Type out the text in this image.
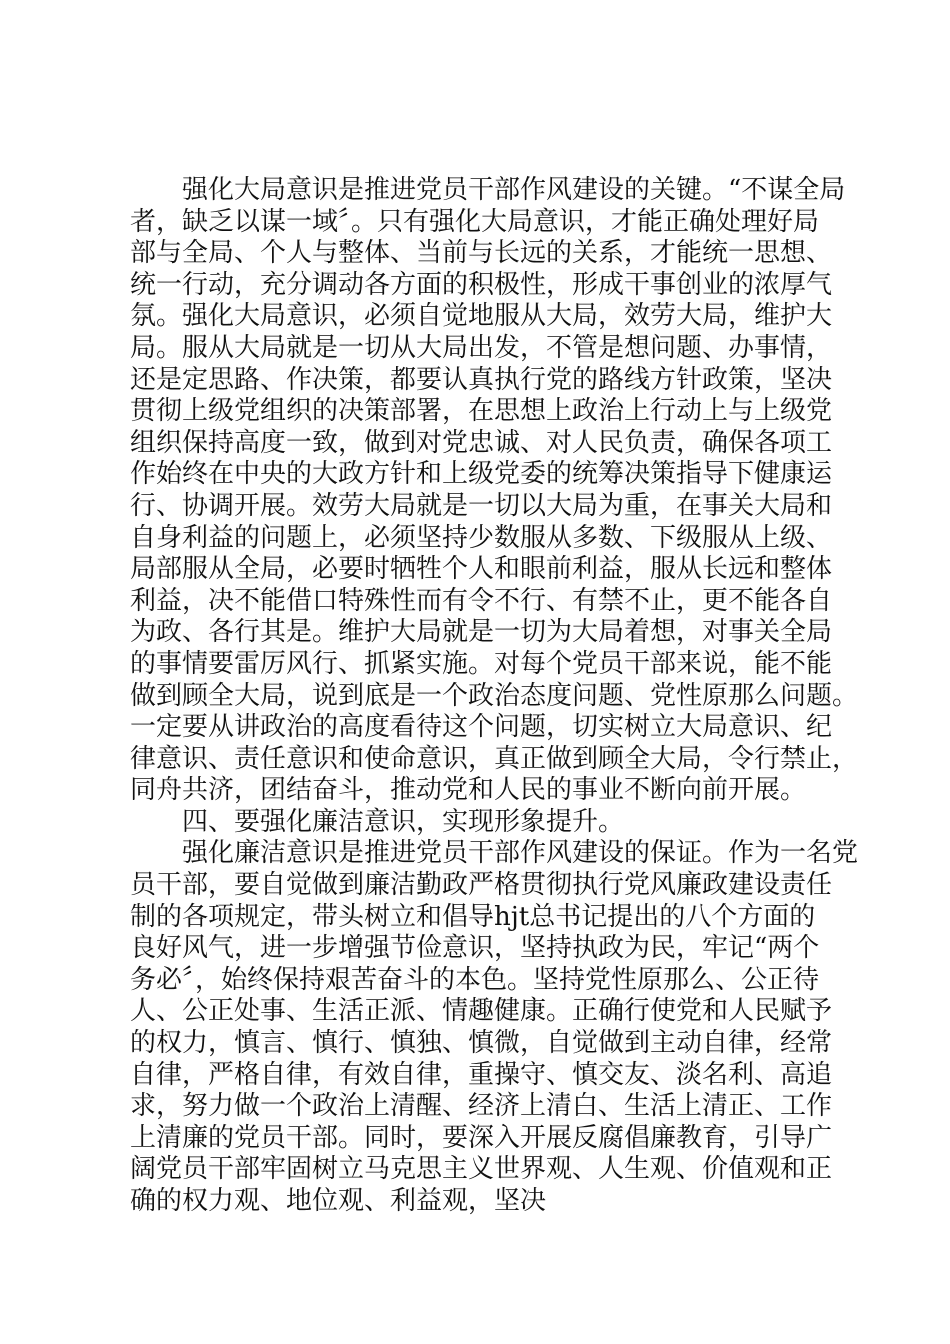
强化大局意识是推进党员干部作风建设的关键。“不谋全局
者，缺乏以谋一域〞。只有强化大局意识，才能正确处理好局
部与全局、个人与整体、当前与长远的关系，才能统一思想、
统一行动，充分调动各方面的积极性，形成干事创业的浓厚气
氛。强化大局意识，必须自觉地服从大局，效劳大局，维护大
局。服从大局就是一切从大局出发，不管是想问题、办事情，
还是定思路、作决策，都要认真执行党的路线方针政策，坚决
贯彻上级党组织的决策部署，在思想上政治上行动上与上级党
组织保持高度一致，做到对党忠诚、对人民负责，确保各项工
作始终在中央的大政方针和上级党委的统筹决策指导下健康运
行、协调开展。效劳大局就是一切以大局为重，在事关大局和
自身利益的问题上，必须坚持少数服从多数、下级服从上级、
局部服从全局，必要时牺牲个人和眼前利益，服从长远和整体
利益，决不能借口特殊性而有令不行、有禁不止，更不能各自
为政、各行其是。维护大局就是一切为大局着想，对事关全局
的事情要雷厉风行、抓紧实施。对每个党员干部来说，能不能
做到顾全大局，说到底是一个政治态度问题、党性原那么问题。
一定要从讲政治的高度看待这个问题，切实树立大局意识、纪
律意识、责任意识和使命意识，真正做到顾全大局，令行禁止，
同舟共济，团结奋斗，推动党和人民的事业不断向前开展。
四、要强化廉洁意识，实现形象提升。
强化廉洁意识是推进党员干部作风建设的保证。作为一名党
员干部，要自觉做到廉洁勤政严格贯彻执行党风廉政建设责任
制的各项规定，带头树立和倡导hjt总书记提出的八个方面的
良好风气，进一步增强节俭意识，坚持执政为民，牢记“两个
务必〞，始终保持艰苦奋斗的本色。坚持党性原那么、公正待
人、公正处事、生活正派、情趣健康。正确行使党和人民赋予
的权力，慎言、慎行、慎独、慎微，自觉做到主动自律，经常
自律，严格自律，有效自律，重操守、慎交友、淡名利、高追
求，努力做一个政治上清醒、经济上清白、生活上清正、工作
上清廉的党员干部。同时，要深入开展反腐倡廉教育，引导广
阔党员干部牢固树立马克思主义世界观、人生观、价值观和正
确的权力观、地位观、利益观，坚决
